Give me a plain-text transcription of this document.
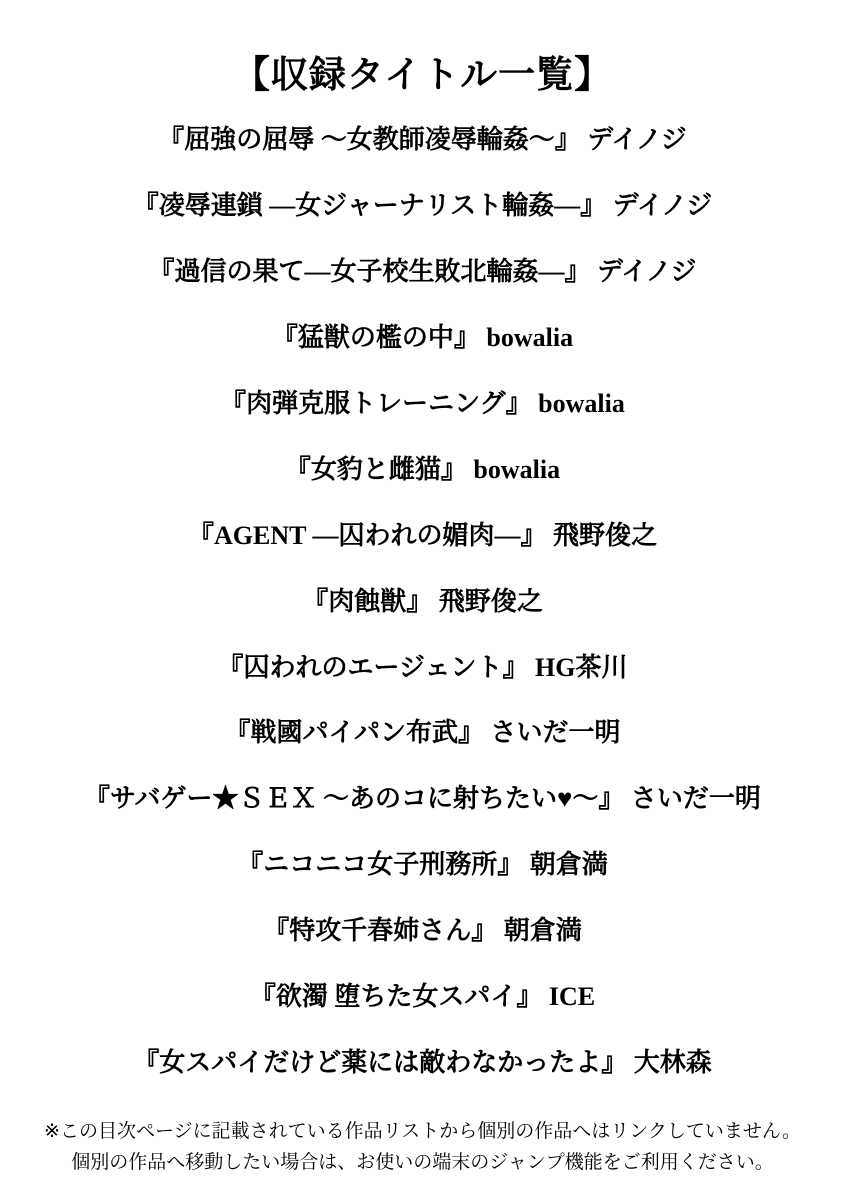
【収録タイトル一覧】
『屈強の屈辱 ～女教師凌辱輪姦～』 デイノジ
『凌辱連鎖 ―女ジャーナリスト輪姦―』 デイノジ
『過信の果て―女子校生敗北輪姦―』 デイノジ
『猛獣の檻の中』 bowalia
『肉弾克服トレーニング』 bowalia
『女豹と雌猫』 bowalia
『AGENT ―囚われの媚肉―』 飛野俊之
『肉蝕獣』 飛野俊之
『囚われのエージェント』 HG茶川
『戦國パイパン布武』 さいだ一明
『サバゲー★ＳＥＸ ～あのコに射ちたい♥～』 さいだ一明
『ニコニコ女子刑務所』 朝倉満
『特攻千春姉さん』 朝倉満
『欲濁 堕ちた女スパイ』 ICE
『女スパイだけど薬には敵わなかったよ』 大林森

※この目次ページに記載されている作品リストから個別の作品へはリンクしていません。

個別の作品へ移動したい場合は、お使いの端末のジャンプ機能をご利用ください。
